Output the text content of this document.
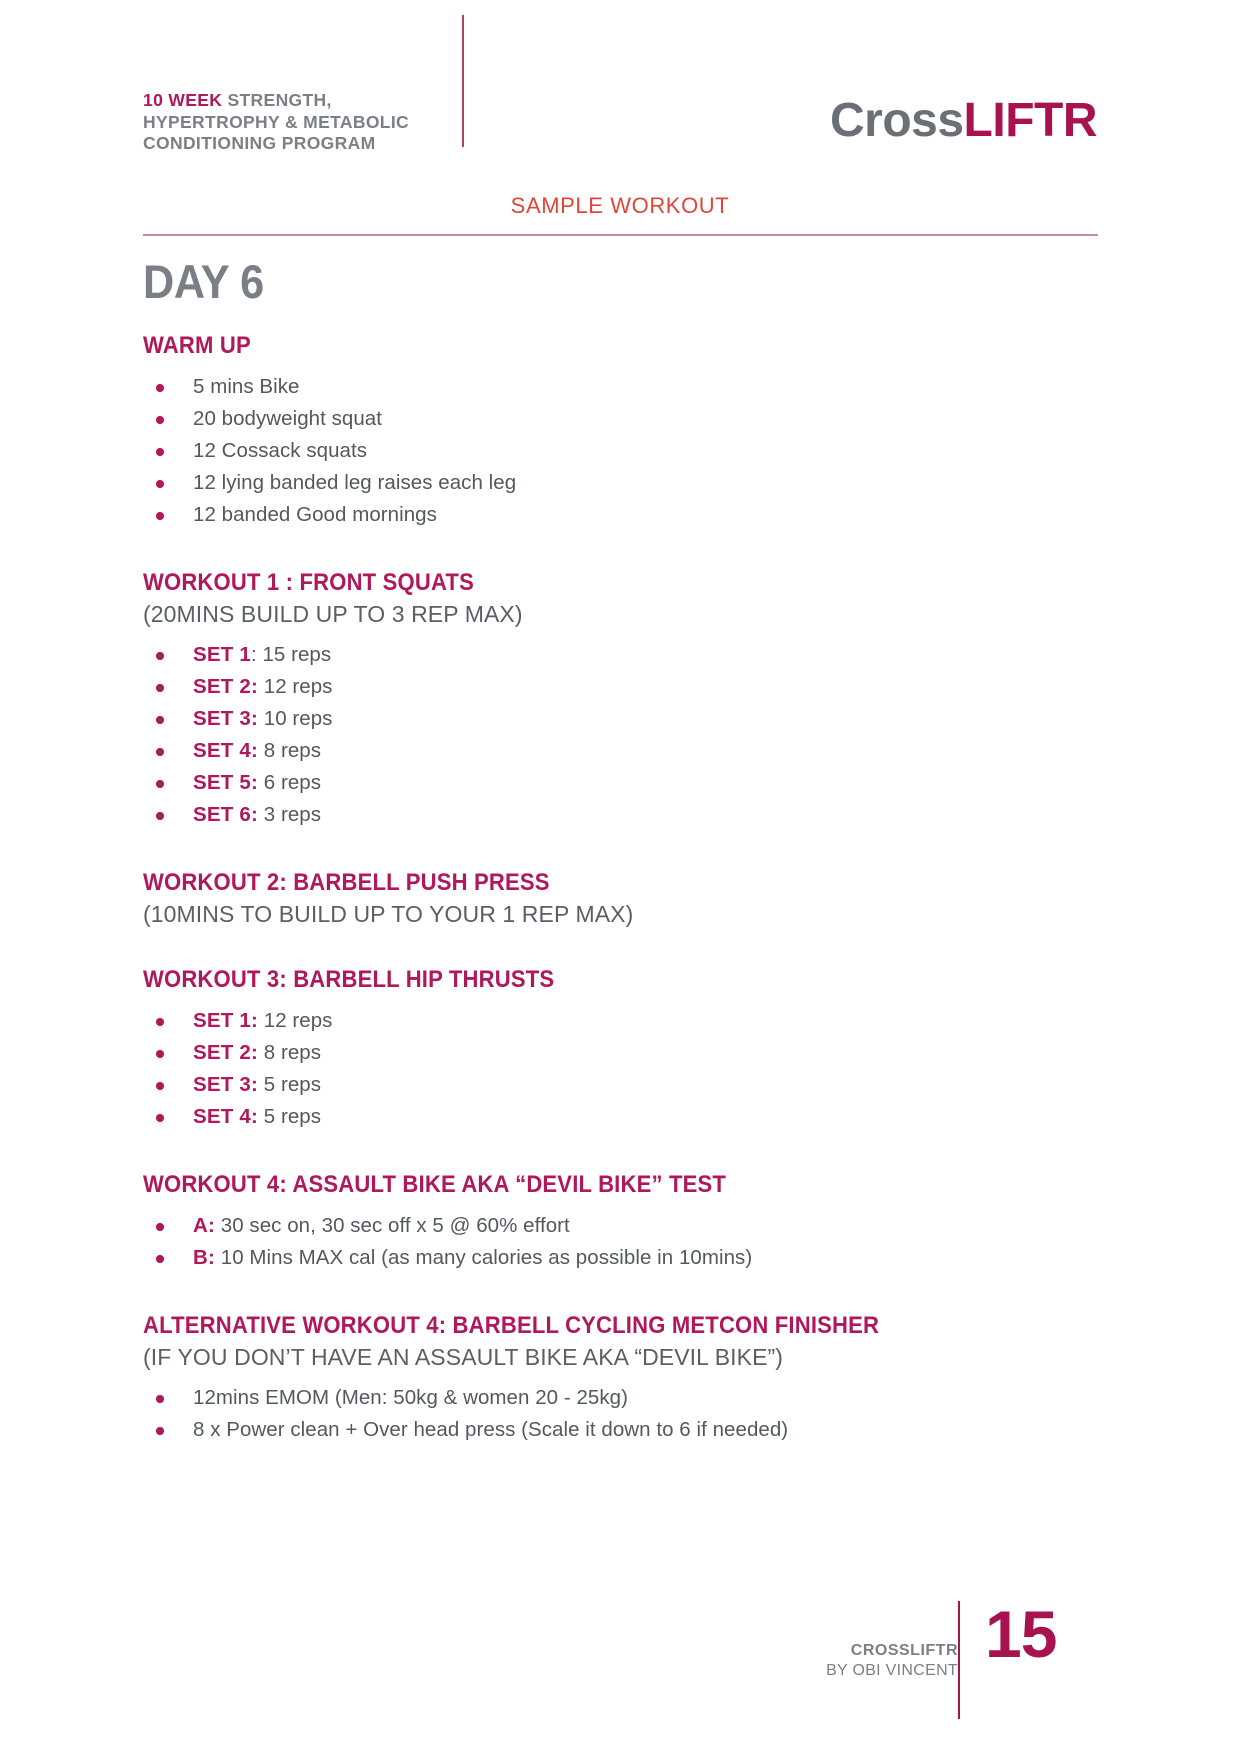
10 WEEK STRENGTH, HYPERTROPHY & METABOLIC CONDITIONING PROGRAM	CrossLIFTR
SAMPLE WORKOUT
DAY 6
WARM UP
5 mins Bike
20 bodyweight squat
12 Cossack squats
12 lying banded leg raises each leg
12 banded Good mornings
WORKOUT 1 : FRONT SQUATS
(20MINS BUILD UP TO 3 REP MAX)
SET 1: 15 reps
SET 2: 12 reps
SET 3: 10 reps
SET 4: 8 reps
SET 5: 6 reps
SET 6: 3 reps
WORKOUT 2: BARBELL PUSH PRESS
(10MINS TO BUILD UP TO YOUR 1 REP MAX)
WORKOUT 3: BARBELL HIP THRUSTS
SET 1: 12 reps
SET 2: 8 reps
SET 3: 5 reps
SET 4: 5 reps
WORKOUT 4: ASSAULT BIKE AKA “DEVIL BIKE” TEST
A: 30 sec on, 30 sec off x 5 @ 60% effort
B: 10 Mins MAX cal (as many calories as possible in 10mins)
ALTERNATIVE WORKOUT 4: BARBELL CYCLING METCON FINISHER
(IF YOU DON’T HAVE AN ASSAULT BIKE AKA “DEVIL BIKE”)
12mins EMOM (Men: 50kg & women 20 - 25kg)
8 x Power clean + Over head press (Scale it down to 6 if needed)
CROSSLIFTR
BY OBI VINCENT 15
